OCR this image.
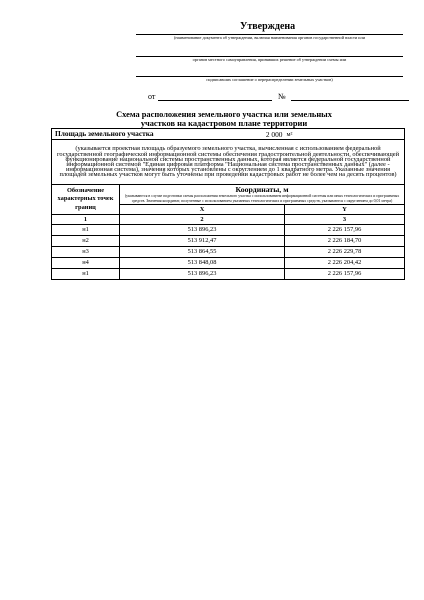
Утверждена
(наименование документа об утверждении, включая наименования органов государственной власти или
органов местного самоуправления, принявших решение об утверждении схемы или
подписавших соглашение о перераспределении земельных участков)
от	№
Схема расположения земельного участка или земельных
участков на кадастровом плане территории
Площадь земельного участка 2 000		м²
(указывается проектная площадь образуемого земельного участка, вычисленная с использованием федеральной государственной географической информационной системы обеспечения градостроительной деятельности, обеспечивающей функционирование национальной системы пространственных данных, которая является федеральной государственной информационной системой "Единая цифровая платформа "Национальная система пространственных данных" (далее - информационная система), значения которых установлены с округлением до 1 квадратного метра. Указанные значения площадей земельных участков могут быть уточнены при проведении кадастровых работ не более чем на десять процентов)		
Обозначение характерных точек границ	Координаты, м
(указываются в случае подготовки схемы расположения земельного участка с использованием информационной системы или иных технологических и программных средств. Значения координат, полученные с использованием указанных технологических и программных средств, указываются с округлением до 0,01 метра)	

	X	Y
1	2	3
н1	513 896,23	2 226 157,96
н2	513 912,47	2 226 184,70
н3	513 864,55	2 226 229,78
н4	513 848,08	2 226 204,42
н1	513 896,23	2 226 157,96
